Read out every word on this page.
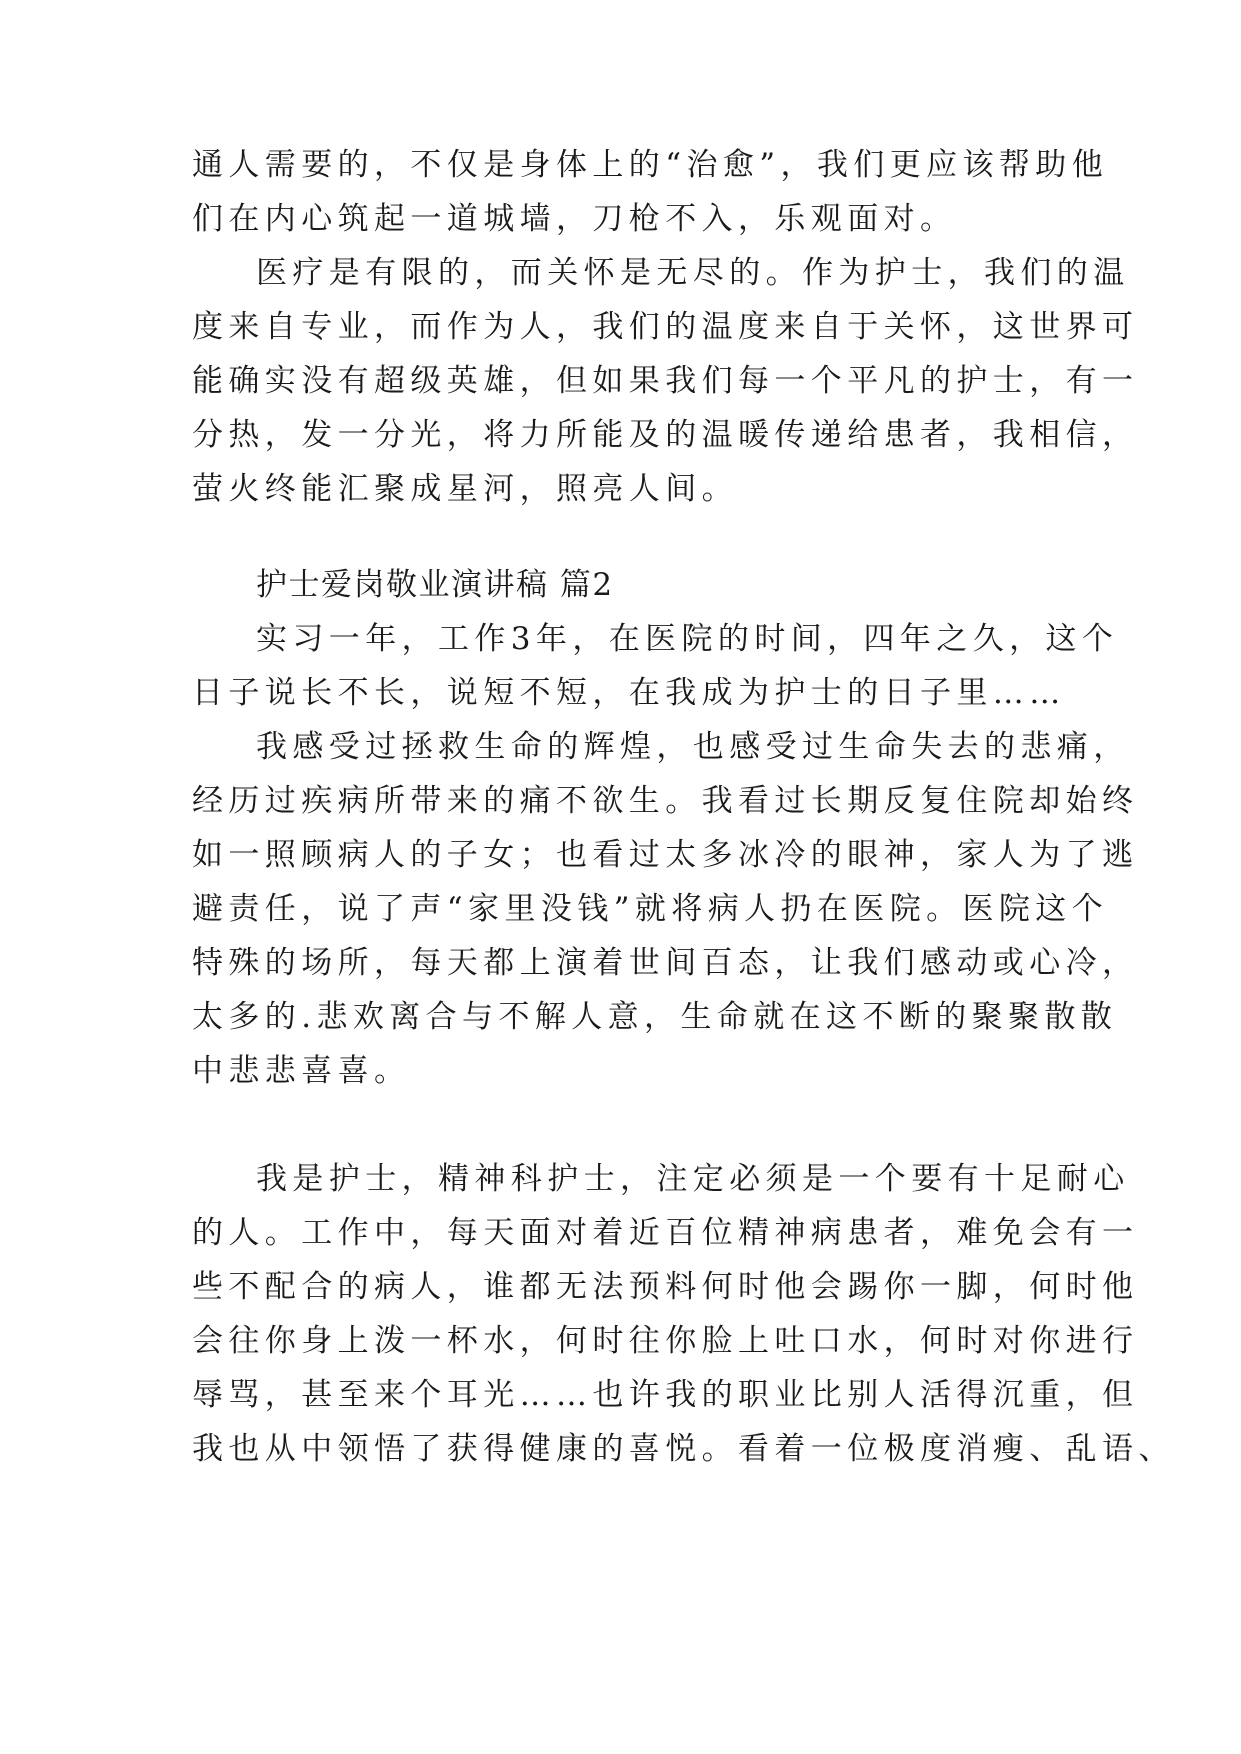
通人需要的，不仅是身体上的“治愈”，我们更应该帮助他
们在内心筑起一道城墙，刀枪不入，乐观面对。
医疗是有限的，而关怀是无尽的。作为护士，我们的温
度来自专业，而作为人，我们的温度来自于关怀，这世界可
能确实没有超级英雄，但如果我们每一个平凡的护士，有一
分热，发一分光，将力所能及的温暖传递给患者，我相信，
萤火终能汇聚成星河，照亮人间。
护士爱岗敬业演讲稿 篇2
实习一年，工作3年，在医院的时间，四年之久，这个
日子说长不长，说短不短，在我成为护士的日子里……
我感受过拯救生命的辉煌，也感受过生命失去的悲痛，
经历过疾病所带来的痛不欲生。我看过长期反复住院却始终
如一照顾病人的子女；也看过太多冰冷的眼神，家人为了逃
避责任，说了声“家里没钱”就将病人扔在医院。医院这个
特殊的场所，每天都上演着世间百态，让我们感动或心冷，
太多的.悲欢离合与不解人意，生命就在这不断的聚聚散散
中悲悲喜喜。
我是护士，精神科护士，注定必须是一个要有十足耐心
的人。工作中，每天面对着近百位精神病患者，难免会有一
些不配合的病人，谁都无法预料何时他会踢你一脚，何时他
会往你身上泼一杯水，何时往你脸上吐口水，何时对你进行
辱骂，甚至来个耳光……也许我的职业比别人活得沉重，但
我也从中领悟了获得健康的喜悦。看着一位极度消瘦、乱语、
